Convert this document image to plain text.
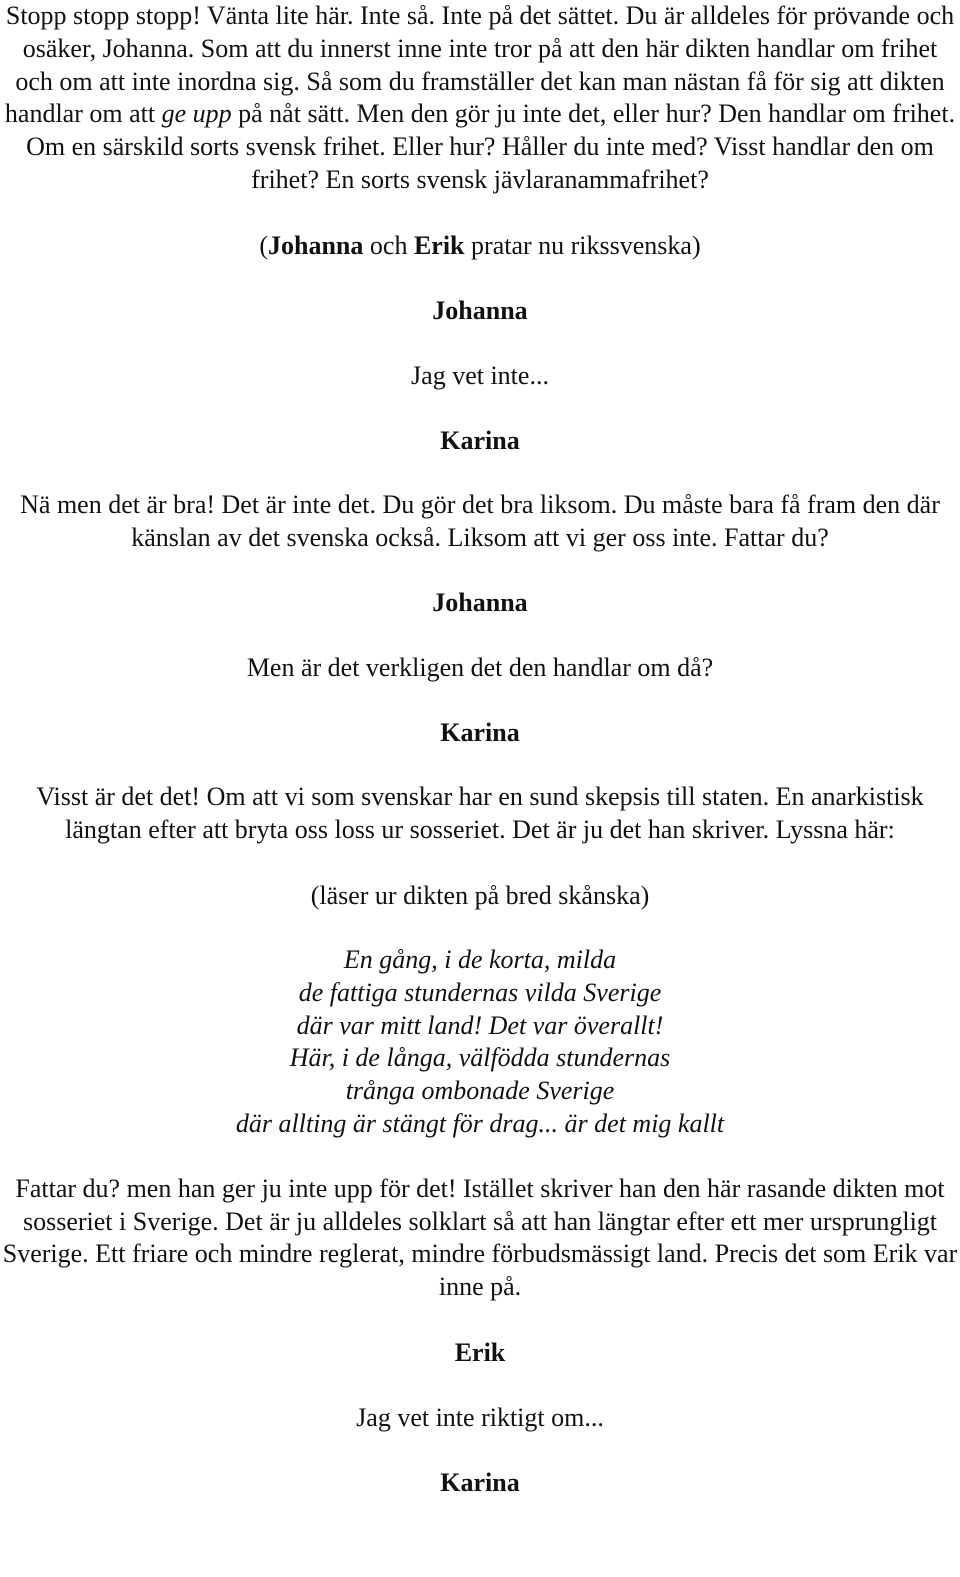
Stopp stopp stopp! Vänta lite här. Inte så. Inte på det sättet. Du är alldeles för prövande och osäker, Johanna. Som att du innerst inne inte tror på att den här dikten handlar om frihet och om att inte inordna sig. Så som du framställer det kan man nästan få för sig att dikten handlar om att ge upp på nåt sätt. Men den gör ju inte det, eller hur? Den handlar om frihet. Om en särskild sorts svensk frihet. Eller hur? Håller du inte med? Visst handlar den om frihet? En sorts svensk jävlaranammafrihet?

(Johanna och Erik pratar nu rikssvenska)

Johanna

Jag vet inte...

Karina

Nä men det är bra! Det är inte det. Du gör det bra liksom. Du måste bara få fram den där känslan av det svenska också. Liksom att vi ger oss inte. Fattar du?

Johanna

Men är det verkligen det den handlar om då?

Karina

Visst är det det! Om att vi som svenskar har en sund skepsis till staten. En anarkistisk längtan efter att bryta oss loss ur sosseriet. Det är ju det han skriver. Lyssna här:

(läser ur dikten på bred skånska)

En gång, i de korta, milda

de fattiga stundernas vilda Sverige

där var mitt land! Det var överallt!

Här, i de långa, välfödda stundernas

trånga ombonade Sverige

där allting är stängt för drag... är det mig kallt

Fattar du? men han ger ju inte upp för det! Istället skriver han den här rasande dikten mot sosseriet i Sverige. Det är ju alldeles solklart så att han längtar efter ett mer ursprungligt Sverige. Ett friare och mindre reglerat, mindre förbudsmässigt land. Precis det som Erik var inne på.

Erik

Jag vet inte riktigt om...

Karina
